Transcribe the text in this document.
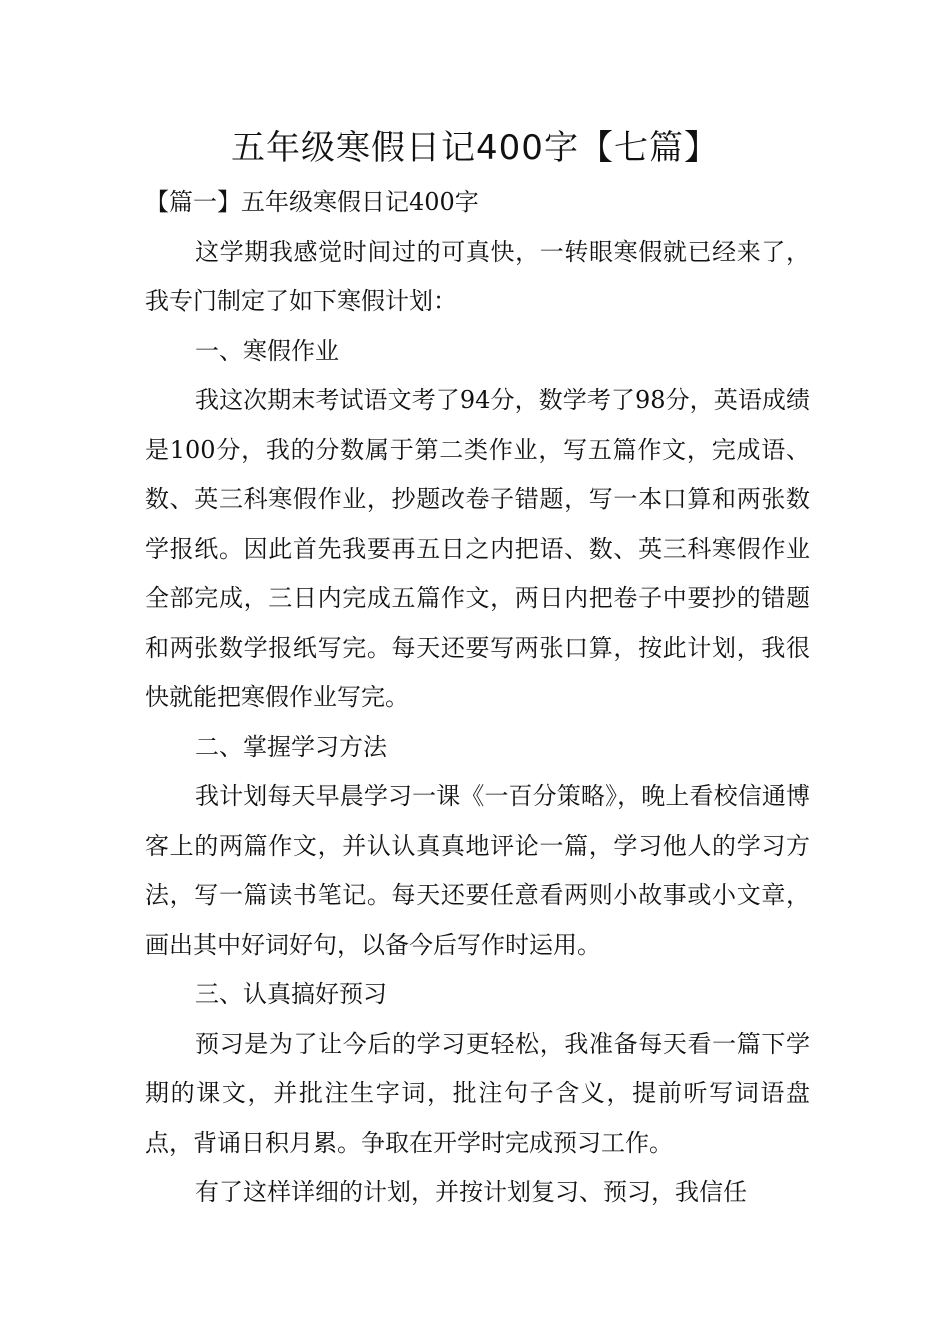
五年级寒假日记400字【七篇】

【篇一】五年级寒假日记400字

这学期我感觉时间过的可真快，一转眼寒假就已经来了，我专门制定了如下寒假计划：

一、寒假作业

我这次期末考试语文考了94分，数学考了98分，英语成绩是100分，我的分数属于第二类作业，写五篇作文，完成语、数、英三科寒假作业，抄题改卷子错题，写一本口算和两张数学报纸。因此首先我要再五日之内把语、数、英三科寒假作业全部完成，三日内完成五篇作文，两日内把卷子中要抄的错题和两张数学报纸写完。每天还要写两张口算，按此计划，我很快就能把寒假作业写完。

二、掌握学习方法

我计划每天早晨学习一课《一百分策略》，晚上看校信通博客上的两篇作文，并认认真真地评论一篇，学习他人的学习方法，写一篇读书笔记。每天还要任意看两则小故事或小文章，画出其中好词好句，以备今后写作时运用。

三、认真搞好预习

预习是为了让今后的学习更轻松，我准备每天看一篇下学期的课文，并批注生字词，批注句子含义，提前听写词语盘点，背诵日积月累。争取在开学时完成预习工作。

有了这样详细的计划，并按计划复习、预习，我信任
